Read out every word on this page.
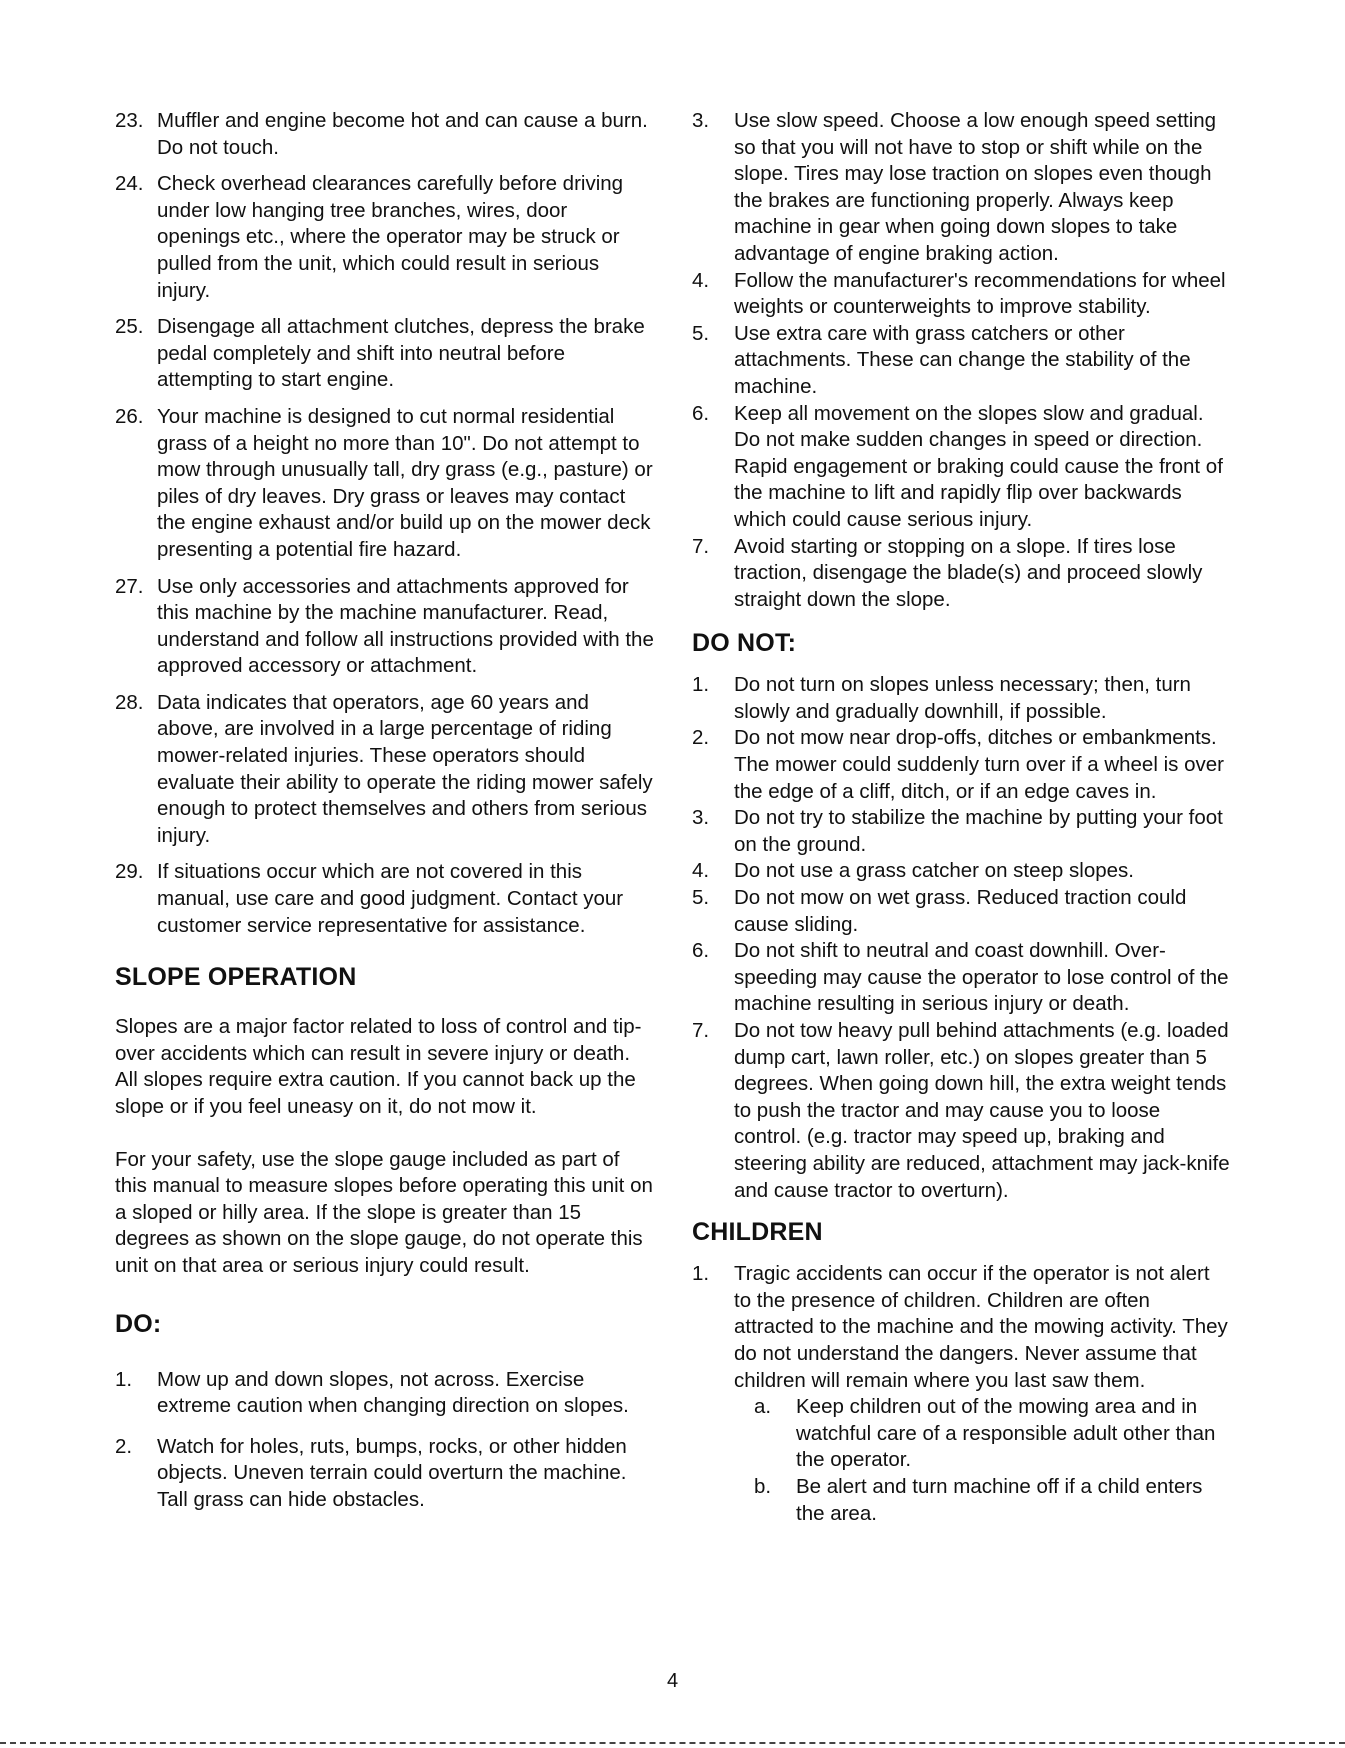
23. Muffler and engine become hot and can cause a burn. Do not touch.
24. Check overhead clearances carefully before driving under low hanging tree branches, wires, door openings etc., where the operator may be struck or pulled from the unit, which could result in serious injury.
25. Disengage all attachment clutches, depress the brake pedal completely and shift into neutral before attempting to start engine.
26. Your machine is designed to cut normal residential grass of a height no more than 10". Do not attempt to mow through unusually tall, dry grass (e.g., pasture) or piles of dry leaves. Dry grass or leaves may contact the engine exhaust and/or build up on the mower deck presenting a potential fire hazard.
27. Use only accessories and attachments approved for this machine by the machine manufacturer. Read, understand and follow all instructions provided with the approved accessory or attachment.
28. Data indicates that operators, age 60 years and above, are involved in a large percentage of riding mower-related injuries. These operators should evaluate their ability to operate the riding mower safely enough to protect themselves and others from serious injury.
29. If situations occur which are not covered in this manual, use care and good judgment. Contact your customer service representative for assistance.
SLOPE OPERATION

Slopes are a major factor related to loss of control and tip-over accidents which can result in severe injury or death. All slopes require extra caution. If you cannot back up the slope or if you feel uneasy on it, do not mow it.

For your safety, use the slope gauge included as part of this manual to measure slopes before operating this unit on a sloped or hilly area. If the slope is greater than 15 degrees as shown on the slope gauge, do not operate this unit on that area or serious injury could result.

DO:
1. Mow up and down slopes, not across. Exercise extreme caution when changing direction on slopes.
2. Watch for holes, ruts, bumps, rocks, or other hidden objects. Uneven terrain could overturn the machine. Tall grass can hide obstacles.
3. Use slow speed. Choose a low enough speed setting so that you will not have to stop or shift while on the slope. Tires may lose traction on slopes even though the brakes are functioning properly. Always keep machine in gear when going down slopes to take advantage of engine braking action.
4. Follow the manufacturer's recommendations for wheel weights or counterweights to improve stability.
5. Use extra care with grass catchers or other attachments. These can change the stability of the machine.
6. Keep all movement on the slopes slow and gradual. Do not make sudden changes in speed or direction. Rapid engagement or braking could cause the front of the machine to lift and rapidly flip over backwards which could cause serious injury.
7. Avoid starting or stopping on a slope. If tires lose traction, disengage the blade(s) and proceed slowly straight down the slope.
DO NOT:
1. Do not turn on slopes unless necessary; then, turn slowly and gradually downhill, if possible.
2. Do not mow near drop-offs, ditches or embankments. The mower could suddenly turn over if a wheel is over the edge of a cliff, ditch, or if an edge caves in.
3. Do not try to stabilize the machine by putting your foot on the ground.
4. Do not use a grass catcher on steep slopes.
5. Do not mow on wet grass. Reduced traction could cause sliding.
6. Do not shift to neutral and coast downhill. Over-speeding may cause the operator to lose control of the machine resulting in serious injury or death.
7. Do not tow heavy pull behind attachments (e.g. loaded dump cart, lawn roller, etc.) on slopes greater than 5 degrees. When going down hill, the extra weight tends to push the tractor and may cause you to loose control. (e.g. tractor may speed up, braking and steering ability are reduced, attachment may jack-knife and cause tractor to overturn).
CHILDREN
1. Tragic accidents can occur if the operator is not alert to the presence of children. Children are often attracted to the machine and the mowing activity. They do not understand the dangers. Never assume that children will remain where you last saw them.
a. Keep children out of the mowing area and in watchful care of a responsible adult other than the operator.
b. Be alert and turn machine off if a child enters the area.
4
